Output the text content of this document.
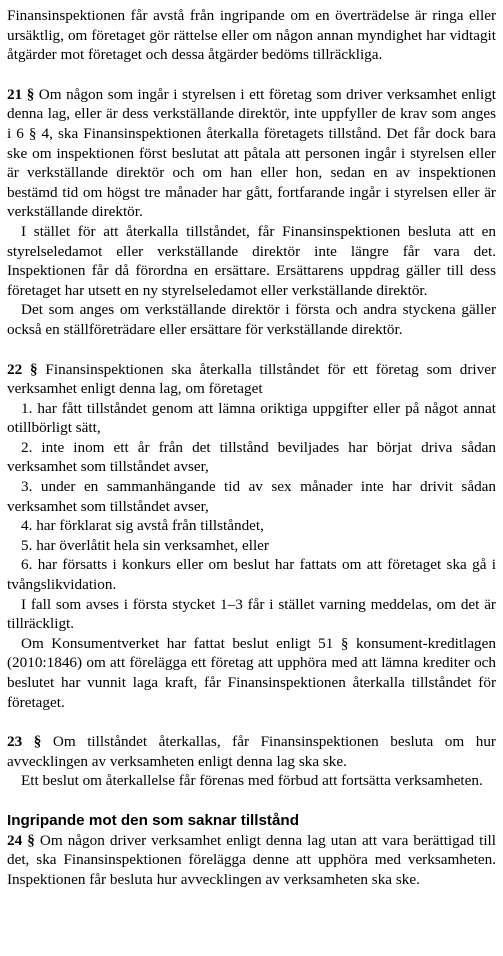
Finansinspektionen får avstå från ingripande om en överträdelse är ringa eller ursäktlig, om företaget gör rättelse eller om någon annan myndighet har vidtagit åtgärder mot företaget och dessa åtgärder bedöms tillräckliga.

21 § Om någon som ingår i styrelsen i ett företag som driver verksamhet enligt denna lag, eller är dess verkställande direktör, inte uppfyller de krav som anges i 6 § 4, ska Finansinspektionen återkalla företagets tillstånd. Det får dock bara ske om inspektionen först beslutat att påtala att personen ingår i styrelsen eller är verkställande direktör och om han eller hon, sedan en av inspektionen bestämd tid om högst tre månader har gått, fortfarande ingår i styrelsen eller är verkställande direktör.

I stället för att återkalla tillståndet, får Finansinspektionen besluta att en styrelseledamot eller verkställande direktör inte längre får vara det. Inspektionen får då förordna en ersättare. Ersättarens uppdrag gäller till dess företaget har utsett en ny styrelseledamot eller verkställande direktör.

Det som anges om verkställande direktör i första och andra styckena gäller också en ställföreträdare eller ersättare för verkställande direktör.

22 § Finansinspektionen ska återkalla tillståndet för ett företag som driver verksamhet enligt denna lag, om företaget

1. har fått tillståndet genom att lämna oriktiga uppgifter eller på något annat otillbörligt sätt,

2. inte inom ett år från det tillstånd beviljades har börjat driva sådan verksamhet som tillståndet avser,

3. under en sammanhängande tid av sex månader inte har drivit sådan verksamhet som tillståndet avser,

4. har förklarat sig avstå från tillståndet,

5. har överlåtit hela sin verksamhet, eller

6. har försatts i konkurs eller om beslut har fattats om att företaget ska gå i tvångslikvidation.

I fall som avses i första stycket 1–3 får i stället varning meddelas, om det är tillräckligt.

Om Konsumentverket har fattat beslut enligt 51 § konsument-kreditlagen (2010:1846) om att förelägga ett företag att upphöra med att lämna krediter och beslutet har vunnit laga kraft, får Finansinspektionen återkalla tillståndet för företaget.

23 § Om tillståndet återkallas, får Finansinspektionen besluta om hur avvecklingen av verksamheten enligt denna lag ska ske.

Ett beslut om återkallelse får förenas med förbud att fortsätta verksamheten.

Ingripande mot den som saknar tillstånd

24 § Om någon driver verksamhet enligt denna lag utan att vara berättigad till det, ska Finansinspektionen förelägga denne att upphöra med verksamheten. Inspektionen får besluta hur avvecklingen av verksamheten ska ske.
